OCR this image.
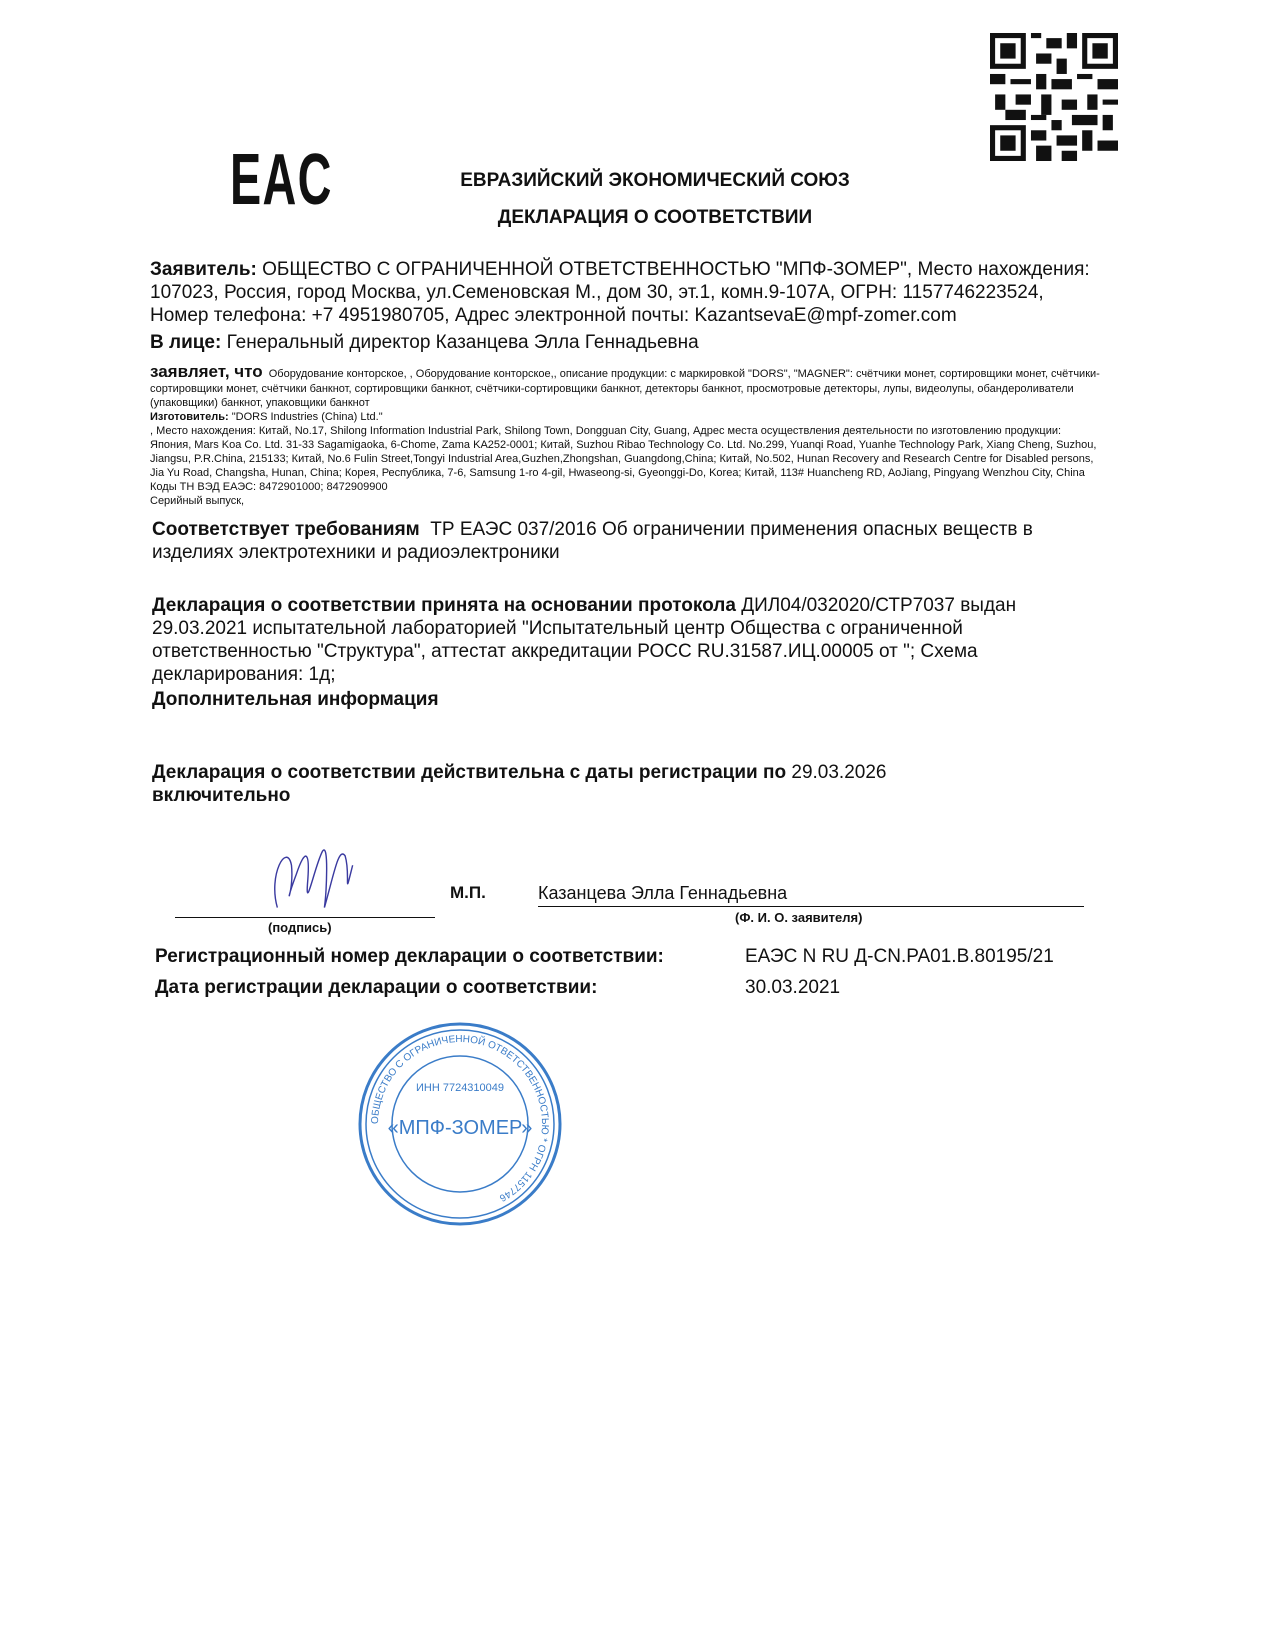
EAC	ЕВРАЗИЙСКИЙ ЭКОНОМИЧЕСКИЙ СОЮЗ
ДЕКЛАРАЦИЯ О СООТВЕТСТВИИ
Заявитель: ОБЩЕСТВО С ОГРАНИЧЕННОЙ ОТВЕТСТВЕННОСТЬЮ "МПФ-ЗОМЕР", Место нахождения: 107023, Россия, город Москва, ул.Семеновская М., дом 30, эт.1, комн.9-107А, ОГРН: 1157746223524, Номер телефона: +7 4951980705, Адрес электронной почты: KazantsevaE@mpf-zomer.com
В лице: Генеральный директор Казанцева Элла Геннадьевна
заявляет, что Оборудование конторское, , Оборудование конторское,, описание продукции: с маркировкой "DORS", "MAGNER": счётчики монет, сортировщики монет, счётчики-сортировщики монет, счётчики банкнот, сортировщики банкнот, счётчики-сортировщики банкнот, детекторы банкнот, просмотровые детекторы, лупы, видеолупы, обандероливатели (упаковщики) банкнот, упаковщики банкнот
Изготовитель: "DORS Industries (China) Ltd."
, Место нахождения: Китай, No.17, Shilong Information Industrial Park, Shilong Town, Dongguan City, Guang, Адрес места осуществления деятельности по изготовлению продукции: Япония, Mars Koa Co. Ltd. 31-33 Sagamigaoka, 6-Chome, Zama KA252-0001; Китай, Suzhou Ribao Technology Co. Ltd. No.299, Yuanqi Road, Yuanhe Technology Park, Xiang Cheng, Suzhou, Jiangsu, P.R.China, 215133; Китай, No.6 Fulin Street,Tongyi Industrial Area,Guzhen,Zhongshan, Guangdong,China; Китай, No.502, Hunan Recovery and Research Centre for Disabled persons, Jia Yu Road, Changsha, Hunan, China; Корея, Республика, 7-6, Samsung 1-ro 4-gil, Hwaseong-si, Gyeonggi-Do, Korea; Китай, 113# Huancheng RD, AoJiang, Pingyang Wenzhou City, China
Коды ТН ВЭД ЕАЭС: 8472901000; 8472909900
Серийный выпуск,
Соответствует требованиям ТР ЕАЭС 037/2016 Об ограничении применения опасных веществ в изделиях электротехники и радиоэлектроники
Декларация о соответствии принята на основании протокола ДИЛ04/032020/СТР7037 выдан 29.03.2021 испытательной лабораторией "Испытательный центр Общества с ограниченной ответственностью "Структура", аттестат аккредитации РОСС RU.31587.ИЦ.00005 от "; Схема декларирования: 1д;
Дополнительная информация
Декларация о соответствии действительна с даты регистрации по 29.03.2026
включительно
М.П.	Казанцева Элла Геннадьевна
(подпись)
(Ф. И. О. заявителя)
Регистрационный номер декларации о соответствии:	ЕАЭС N RU Д-CN.PA01.B.80195/21
Дата регистрации декларации о соответствии:	30.03.2021
ОБЩЕСТВО С ОГРАНИЧЕННОЙ ОТВЕТСТВЕННОСТЬЮ * ОГРН 1157746
ИНН 7724310049
«МПФ-ЗОМЕР»
